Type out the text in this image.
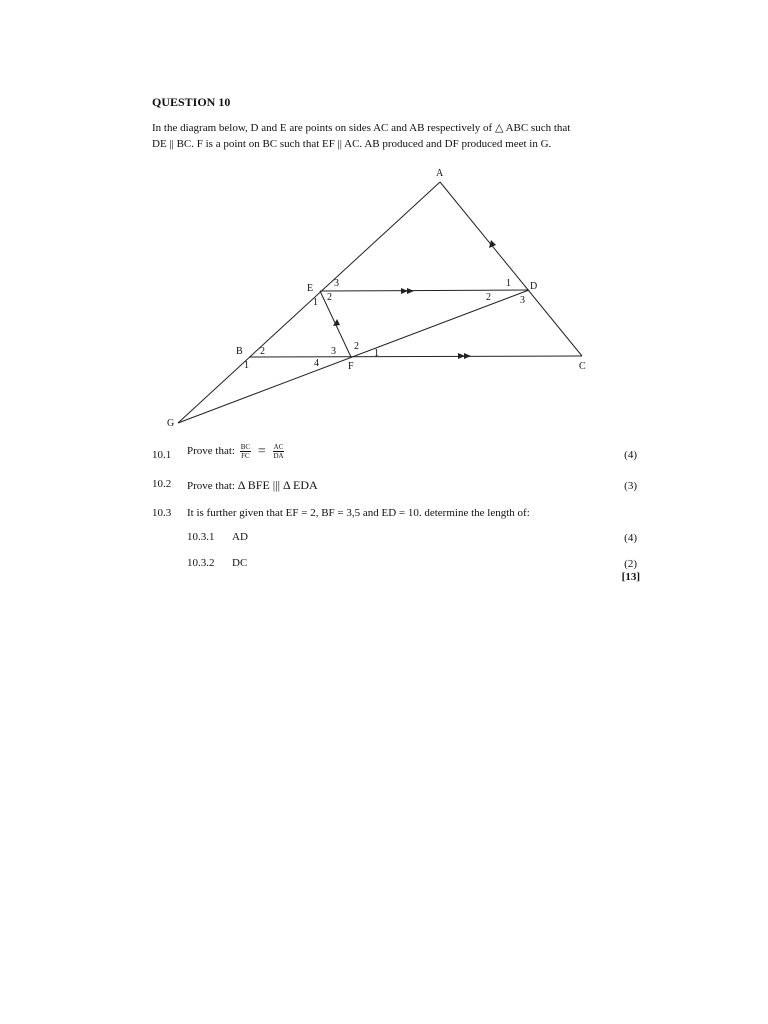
QUESTION 10

In the diagram below, D and E are points on sides AC and AB respectively of △ ABC such that

DE || BC. F is a point on BC such that EF || AC. AB produced and DF produced meet in G.

A
B
C
D
E
F
G
3
2
1
1
2	3
2
1
3 2
1
4
10.1 Prove that: $\frac{BC}{FC} = \frac{AC}{DA}$	(4)
10.2 Prove that: Δ BFE ||| Δ EDA	(3)
10.3 It is further given that EF = 2, BF = 3,5 and ED = 10. determine the length of:
10.3.1 AD	(4)
10.3.2 DC	(2)
[13]
